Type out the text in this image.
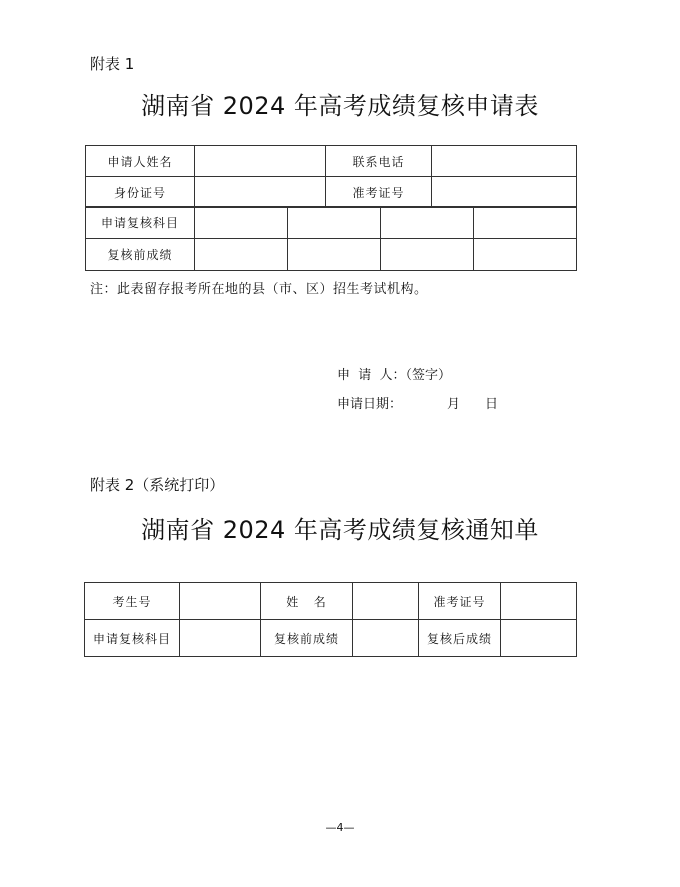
附表 1
湖南省 2024 年高考成绩复核申请表
申请人姓名		联系电话	
身份证号		准考证号	
申请复核科目				
复核前成绩				
注：此表留存报考所在地的县（市、区）招生考试机构。
申  请  人：（签字）
申请日期：	月 日
附表 2（系统打印）
湖南省 2024 年高考成绩复核通知单
考生号		姓   名		准考证号	
申请复核科目		复核前成绩		复核后成绩	
—4—
